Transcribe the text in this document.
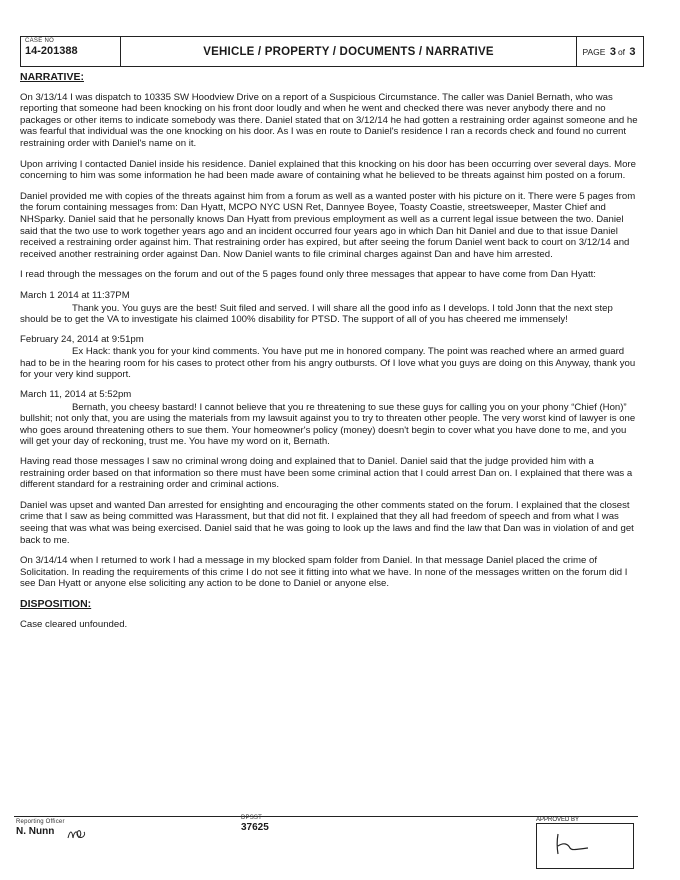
CASE NO
14-201388	VEHICLE / PROPERTY / DOCUMENTS / NARRATIVE	PAGE
3 of
3
NARRATIVE:

On 3/13/14 I was dispatch to 10335 SW Hoodview Drive on a report of a Suspicious Circumstance. The caller was Daniel Bernath, who was reporting that someone had been knocking on his front door loudly and when he went and checked there was never anybody there and no packages or other items to indicate somebody was there. Daniel stated that on 3/12/14 he had gotten a restraining order against someone and he was fearful that individual was the one knocking on his door. As I was en route to Daniel's residence I ran a records check and found no current restraining order with Daniel's name on it.

Upon arriving I contacted Daniel inside his residence. Daniel explained that this knocking on his door has been occurring over several days. More concerning to him was some information he had been made aware of containing what he believed to be threats against him posted on a forum.

Daniel provided me with copies of the threats against him from a forum as well as a wanted poster with his picture on it. There were 5 pages from the forum containing messages from: Dan Hyatt, MCPO NYC USN Ret, Dannyee Boyee, Toasty Coastie, streetsweeper, Master Chief and NHSparky. Daniel said that he personally knows Dan Hyatt from previous employment as well as a current legal issue between the two. Daniel said that the two use to work together years ago and an incident occurred four years ago in which Dan hit Daniel and due to that issue Daniel received a restraining order against him. That restraining order has expired, but after seeing the forum Daniel went back to court on 3/12/14 and received another restraining order against Dan. Now Daniel wants to file criminal charges against Dan and have him arrested.

I read through the messages on the forum and out of the 5 pages found only three messages that appear to have come from Dan Hyatt:

March 1 2014 at 11:37PM

Thank you. You guys are the best! Suit filed and served. I will share all the good info as I develops. I told Jonn that the next step should be to get the VA to investigate his claimed 100% disability for PTSD. The support of all of you has cheered me immensely!

February 24, 2014 at 9:51pm

Ex Hack: thank you for your kind comments. You have put me in honored company. The point was reached where an armed guard had to be in the hearing room for his cases to protect other from his angry outbursts. Of I love what you guys are doing on this Anyway, thank you for your very kind support.

March 11, 2014 at 5:52pm

Bernath, you cheesy bastard! I cannot believe that you re threatening to sue these guys for calling you on your phony “Chief (Hon)” bullshit; not only that, you are using the materials from my lawsuit against you to try to threaten other people. The very worst kind of lawyer is one who goes around threatening others to sue them. Your homeowner's policy (money) doesn't begin to cover what you have done to me, and you will get your day of reckoning, trust me. You have my word on it, Bernath.

Having read those messages I saw no criminal wrong doing and explained that to Daniel. Daniel said that the judge provided him with a restraining order based on that information so there must have been some criminal action that I could arrest Dan on. I explained that there was a different standard for a restraining order and criminal actions.

Daniel was upset and wanted Dan arrested for ensighting and encouraging the other comments stated on the forum. I explained that the closest crime that I saw as being committed was Harassment, but that did not fit. I explained that they all had freedom of speech and from what I was seeing that was what was being exercised. Daniel said that he was going to look up the laws and find the law that Dan was in violation of and get back to me.

On 3/14/14 when I returned to work I had a message in my blocked spam folder from Daniel. In that message Daniel placed the crime of Solicitation. In reading the requirements of this crime I do not see it fitting into what we have. In none of the messages written on the forum did I see Dan Hyatt or anyone else soliciting any action to be done to Daniel or anyone else.

DISPOSITION:

Case cleared unfounded.

Reporting Officer
N. Nunn
DPSST
37625
APPROVED BY
